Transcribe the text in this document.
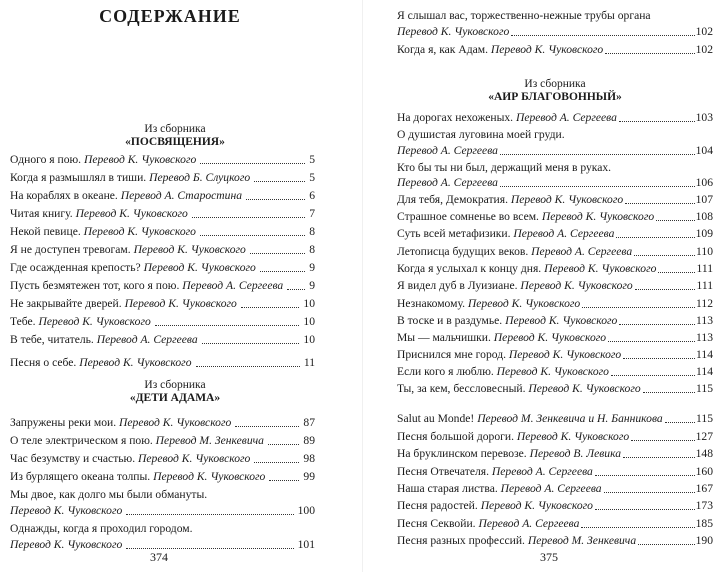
СОДЕРЖАНИЕ
Из сборника
«ПОСВЯЩЕНИЯ»
Из сборника
«ДЕТИ АДАМА»
Одного я пою. Перевод К. Чуковского	5
Когда я размышлял в тиши. Перевод Б. Слуцкого	5
На кораблях в океане. Перевод А. Старостина	6
Читая книгу. Перевод К. Чуковского	7
Некой певице. Перевод К. Чуковского	8
Я не доступен тревогам. Перевод К. Чуковского	8
Где осажденная крепость? Перевод К. Чуковского	9
Пусть безмятежен тот, кого я пою. Перевод А. Сергеева 9
Не закрывайте дверей. Перевод К. Чуковского	10
Тебе. Перевод К. Чуковского	10
В тебе, читатель. Перевод А. Сергеева	10
Песня о себе. Перевод К. Чуковского	11
Запружены реки мои. Перевод К. Чуковского	87
О теле электрическом я пою. Перевод М. Зенкевича	89
Час безумству и счастью. Перевод К. Чуковского	98
Из бурлящего океана толпы. Перевод К. Чуковского	99
Мы двое, как долго мы были обмануты.
Перевод К. Чуковского	100
Однажды, когда я проходил городом.
Перевод К. Чуковского	101
374
Я слышал вас, торжественно-нежные трубы органа
Перевод К. Чуковского	102
Когда я, как Адам. Перевод К. Чуковского	102
Из сборника
«АИР БЛАГОВОННЫЙ»
На дорогах нехоженых. Перевод А. Сергеева	103
О душистая луговина моей груди.
Перевод А. Сергеева	104
Кто бы ты ни был, держащий меня в руках.
Перевод А. Сергеева	106
Для тебя, Демократия. Перевод К. Чуковского	107
Страшное сомненье во всем. Перевод К. Чуковского	108
Суть всей метафизики. Перевод А. Сергеева	109
Летописца будущих веков. Перевод А. Сергеева	110
Когда я услыхал к концу дня. Перевод К. Чуковского	111
Я видел дуб в Луизиане. Перевод К. Чуковского	111
Незнакомому. Перевод К. Чуковского	112
В тоске и в раздумье. Перевод К. Чуковского	113
Мы — мальчишки. Перевод К. Чуковского	113
Приснился мне город. Перевод К. Чуковского	114
Если кого я люблю. Перевод К. Чуковского	114
Ты, за кем, бессловесный. Перевод К. Чуковского	115
Salut au Monde! Перевод М. Зенкевича и Н. Банникова	115
Песня большой дороги. Перевод К. Чуковского	127
На бруклинском перевозе. Перевод В. Левика	148
Песня Отвечателя. Перевод А. Сергеева	160
Наша старая листва. Перевод А. Сергеева	167
Песня радостей. Перевод К. Чуковского	173
Песня Секвойи. Перевод А. Сергеева	185
Песня разных профессий. Перевод М. Зенкевича	190
375
